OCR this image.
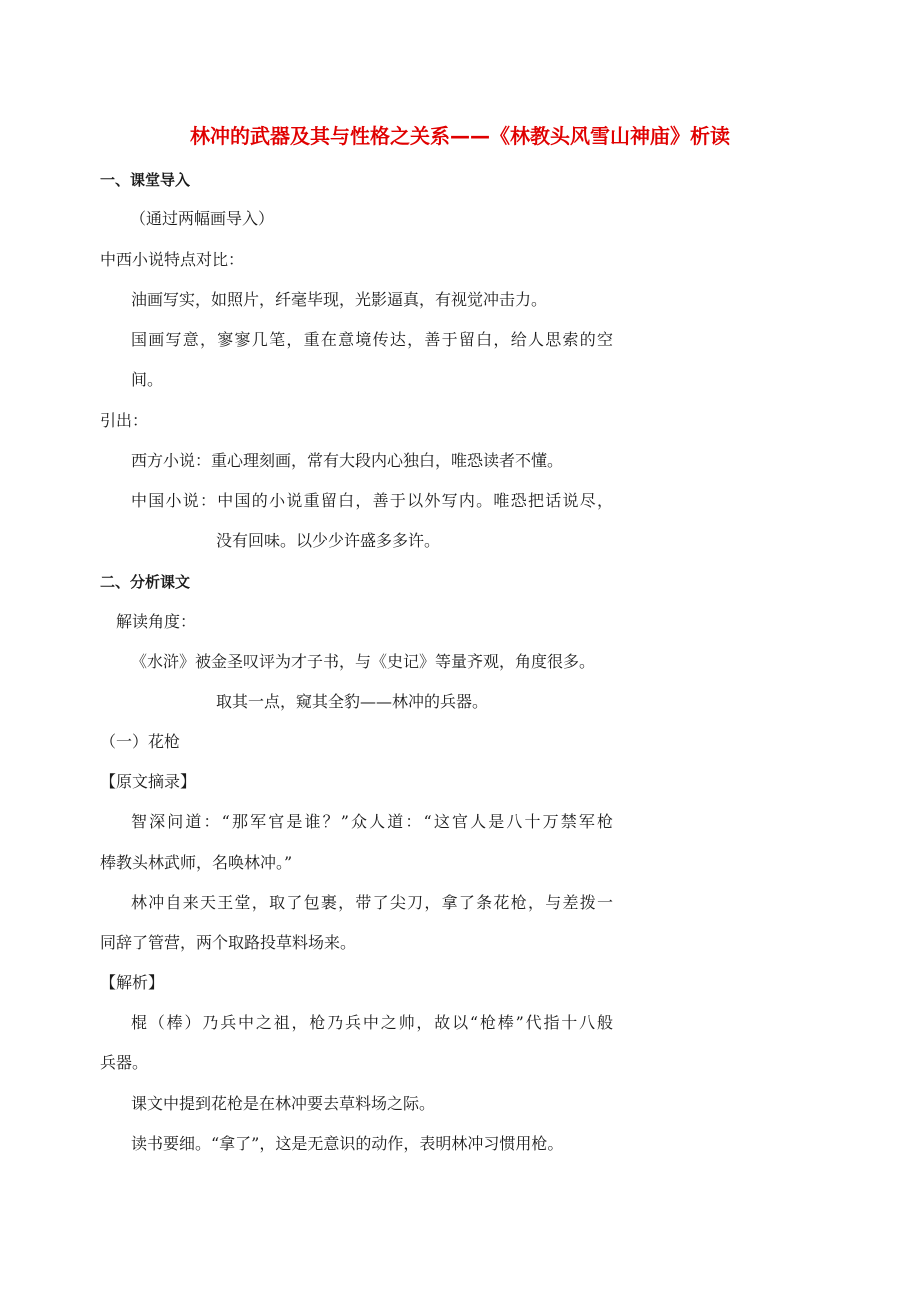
林冲的武器及其与性格之关系——《林教头风雪山神庙》析读
一、课堂导入
（通过两幅画导入）
中西小说特点对比：
油画写实，如照片，纤毫毕现，光影逼真，有视觉冲击力。
国画写意，寥寥几笔，重在意境传达，善于留白，给人思索的空
间。
引出：
西方小说：重心理刻画，常有大段内心独白，唯恐读者不懂。
中国小说：中国的小说重留白，善于以外写内。唯恐把话说尽，
没有回味。以少少许盛多多许。
二、分析课文
解读角度：
《水浒》被金圣叹评为才子书，与《史记》等量齐观，角度很多。
取其一点，窥其全豹——林冲的兵器。
（一）花枪
【原文摘录】
智深问道：“那军官是谁？”众人道：“这官人是八十万禁军枪
棒教头林武师，名唤林冲。”
林冲自来天王堂，取了包裹，带了尖刀，拿了条花枪，与差拨一
同辞了管营，两个取路投草料场来。
【解析】
棍（棒）乃兵中之祖，枪乃兵中之帅，故以“枪棒”代指十八般
兵器。
课文中提到花枪是在林冲要去草料场之际。
读书要细。“拿了”，这是无意识的动作，表明林冲习惯用枪。
